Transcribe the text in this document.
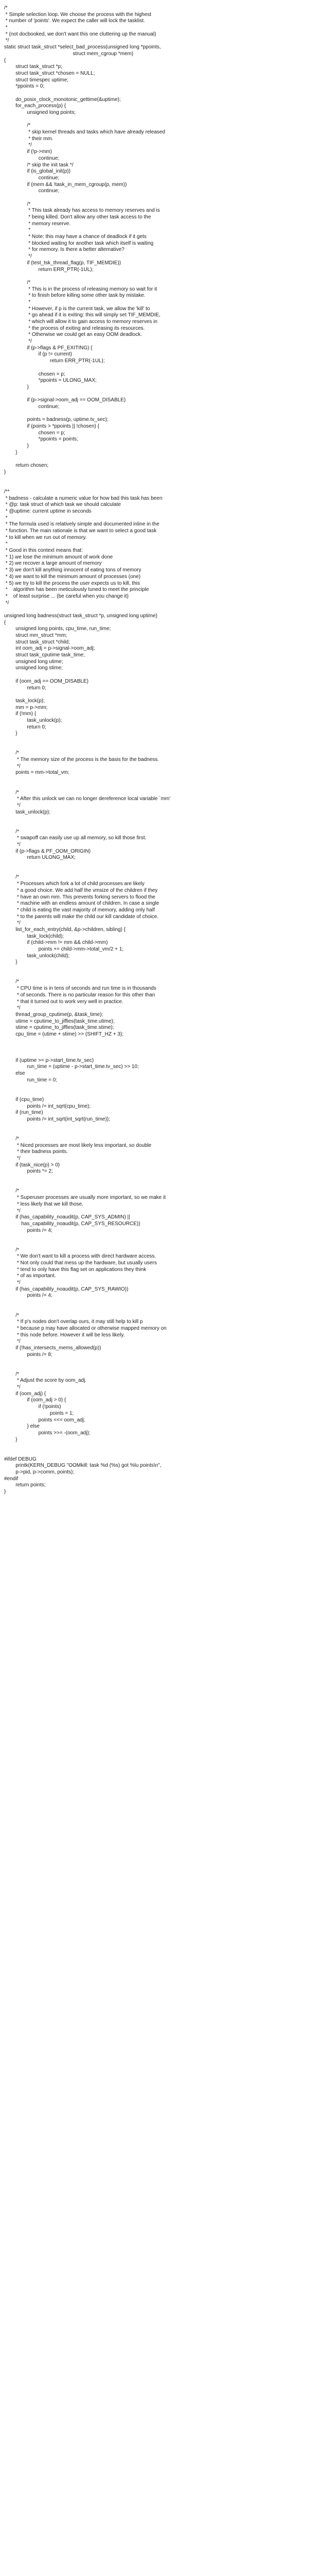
/*
* Simple selection loop. We choose the process with the highest
* number of 'points'. We expect the caller will lock the tasklist.
*
* (not docbooked, we don't want this one cluttering up the manual)
*/
static struct task_struct *select_bad_process(unsigned long *ppoints,
struct mem_cgroup *mem)
{
struct task_struct *p;
struct task_struct *chosen = NULL;
struct timespec uptime;
*ppoints = 0;
do_posix_clock_monotonic_gettime(&uptime);
for_each_process(p) {
unsigned long points;
/*
* skip kernel threads and tasks which have already released
* their mm.
*/
if (!p->mm)
continue;
/* skip the init task */
if (is_global_init(p))
continue;
if (mem && !task_in_mem_cgroup(p, mem))
continue;
/*
* This task already has access to memory reserves and is
* being killed. Don't allow any other task access to the
* memory reserve.
*
* Note: this may have a chance of deadlock if it gets
* blocked waiting for another task which itself is waiting
* for memory. Is there a better alternative?
*/
if (test_tsk_thread_flag(p, TIF_MEMDIE))
return ERR_PTR(-1UL);
/*
* This is in the process of releasing memory so wait for it
* to finish before killing some other task by mistake.
*
* However, if p is the current task, we allow the 'kill' to
* go ahead if it is exiting: this will simply set TIF_MEMDIE,
* which will allow it to gain access to memory reserves in
* the process of exiting and releasing its resources.
* Otherwise we could get an easy OOM deadlock.
*/
if (p->flags & PF_EXITING) {
if (p != current)
return ERR_PTR(-1UL);
chosen = p;
*ppoints = ULONG_MAX;
}
if (p->signal->oom_adj == OOM_DISABLE)
continue;
points = badness(p, uptime.tv_sec);
if (points > *ppoints || !chosen) {
chosen = p;
*ppoints = points;
}
}
return chosen;
}
/**
* badness - calculate a numeric value for how bad this task has been
* @p: task struct of which task we should calculate
* @uptime: current uptime in seconds
*
* The formula used is relatively simple and documented inline in the
* function. The main rationale is that we want to select a good task
* to kill when we run out of memory.
*
* Good in this context means that:
* 1) we lose the minimum amount of work done
* 2) we recover a large amount of memory
* 3) we don't kill anything innocent of eating tons of memory
* 4) we want to kill the minimum amount of processes (one)
* 5) we try to kill the process the user expects us to kill, this
*    algorithm has been meticulously tuned to meet the principle
*    of least surprise ... (be careful when you change it)
*/
unsigned long badness(struct task_struct *p, unsigned long uptime)
{
unsigned long points, cpu_time, run_time;
struct mm_struct *mm;
struct task_struct *child;
int oom_adj = p->signal->oom_adj;
struct task_cputime task_time;
unsigned long utime;
unsigned long stime;
if (oom_adj == OOM_DISABLE)
return 0;
task_lock(p);
mm = p->mm;
if (!mm) {
task_unlock(p);
return 0;
}
/*
* The memory size of the process is the basis for the badness.
*/
points = mm->total_vm;
/*
* After this unlock we can no longer dereference local variable `mm'
*/
task_unlock(p);
/*
* swapoff can easily use up all memory, so kill those first.
*/
if (p->flags & PF_OOM_ORIGIN)
return ULONG_MAX;
/*
* Processes which fork a lot of child processes are likely
* a good choice. We add half the vmsize of the children if they
* have an own mm. This prevents forking servers to flood the
* machine with an endless amount of children. In case a single
* child is eating the vast majority of memory, adding only half
* to the parents will make the child our kill candidate of choice.
*/
list_for_each_entry(child, &p->children, sibling) {
task_lock(child);
if (child->mm != mm && child->mm)
points += child->mm->total_vm/2 + 1;
task_unlock(child);
}
/*
* CPU time is in tens of seconds and run time is in thousands
* of seconds. There is no particular reason for this other than
* that it turned out to work very well in practice.
*/
thread_group_cputime(p, &task_time);
utime = cputime_to_jiffies(task_time.utime);
stime = cputime_to_jiffies(task_time.stime);
cpu_time = (utime + stime) >> (SHIFT_HZ + 3);
if (uptime >= p->start_time.tv_sec)
run_time = (uptime - p->start_time.tv_sec) >> 10;
else
run_time = 0;
if (cpu_time)
points /= int_sqrt(cpu_time);
if (run_time)
points /= int_sqrt(int_sqrt(run_time));
/*
* Niced processes are most likely less important, so double
* their badness points.
*/
if (task_nice(p) > 0)
points *= 2;
/*
* Superuser processes are usually more important, so we make it
* less likely that we kill those.
*/
if (has_capability_noaudit(p, CAP_SYS_ADMIN) ||
has_capability_noaudit(p, CAP_SYS_RESOURCE))
points /= 4;
/*
* We don't want to kill a process with direct hardware access.
* Not only could that mess up the hardware, but usually users
* tend to only have this flag set on applications they think
* of as important.
*/
if (has_capability_noaudit(p, CAP_SYS_RAWIO))
points /= 4;
/*
* If p's nodes don't overlap ours, it may still help to kill p
* because p may have allocated or otherwise mapped memory on
* this node before. However it will be less likely.
*/
if (!has_intersects_mems_allowed(p))
points /= 8;
/*
* Adjust the score by oom_adj.
*/
if (oom_adj) {
if (oom_adj > 0) {
if (!points)
points = 1;
points <<= oom_adj;
} else
points >>= -(oom_adj);
}
#ifdef DEBUG
printk(KERN_DEBUG "OOMkill: task %d (%s) got %lu points\n",
p->pid, p->comm, points);
#endif
return points;
}
